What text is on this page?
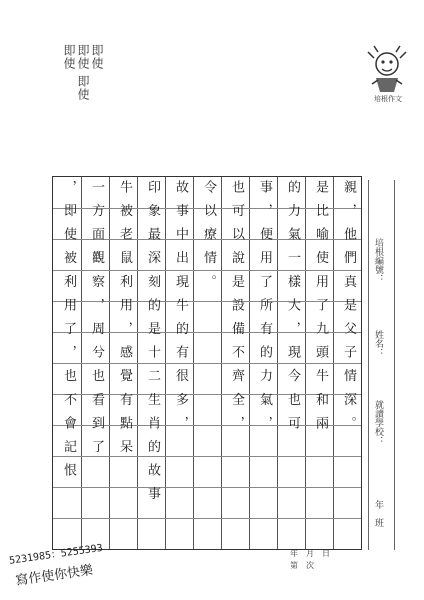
即使
即使 即使
即使
培根作文
親，他們真是父子情深。
是比喻使用了九頭牛和兩
的力氣一樣大，現今也可
事，便用了所有的力氣，
也可以說是設備不齊全，
令以療情。
故事中出現牛的有很多，
印象最深刻的是十二生肖的故事
牛被老鼠利用，感覺有點呆
一方面觀察，周兮也看到了
，即使被利用了，也不會記恨	培根編號：
姓名：
就讀學校：
年　班
年　月　日
第　次
5231985：5255393
寫作使你快樂
